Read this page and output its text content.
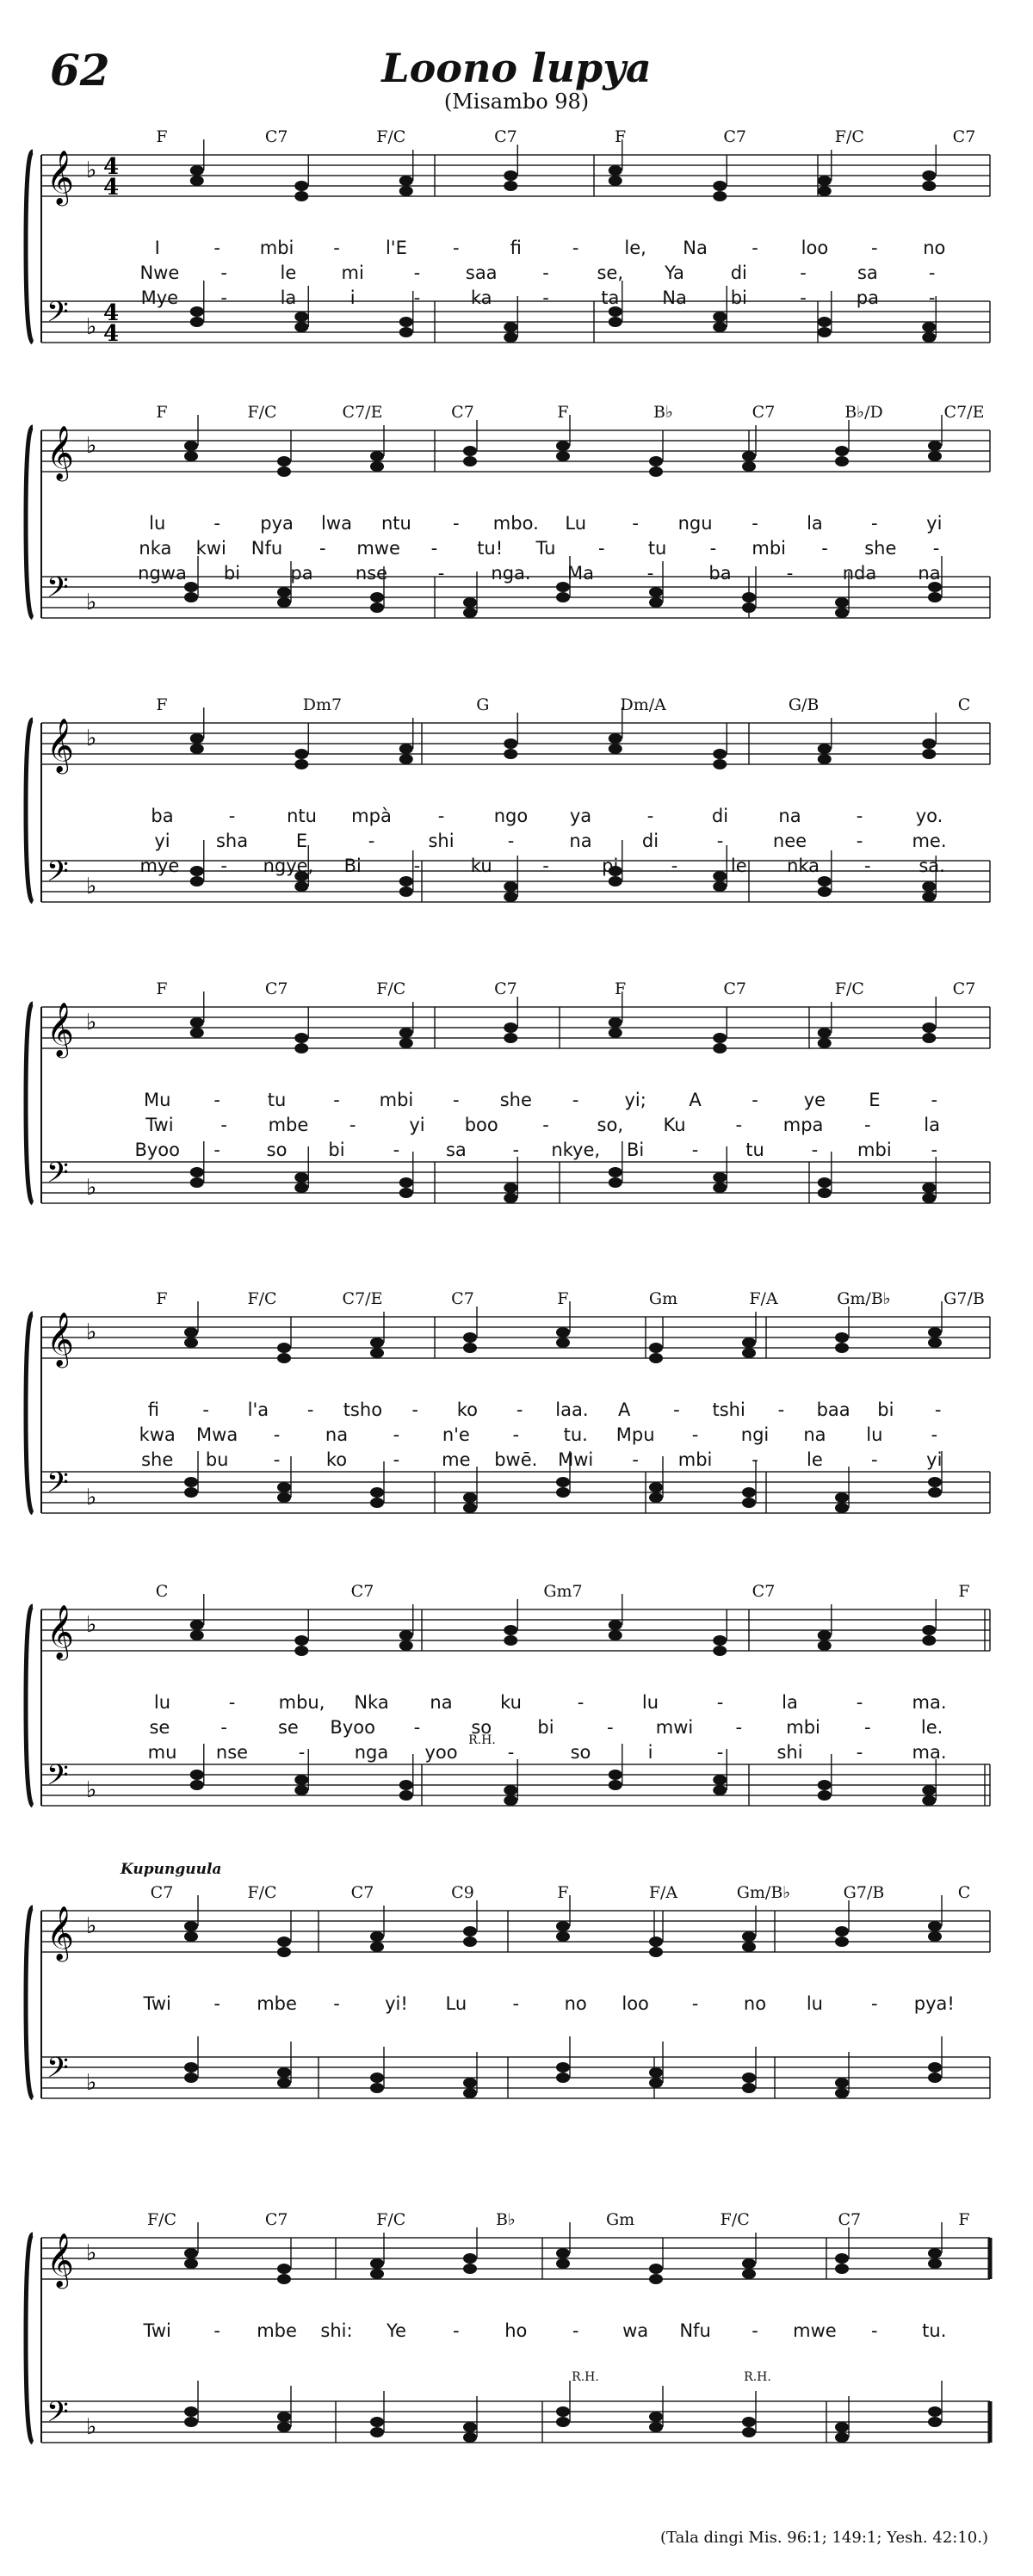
62	Loono lupya
(Misambo 98)
𝄞 ♭ 4
4
𝄢 ♭
4
4
F	C7	F/C	C7	F	C7	F/C	C7
I	- mbi -	l'E	-	fi	-	le, Na - loo -	no
Nwe -	le mi	-	saa	-	se, Ya	di	-	sa	-
Mye -	la	i	-	ka	-	ta Na bi	-	pa	-
𝄞 ♭
𝄢 ♭
F	F/C	C7/E	C7	F	B♭	C7	B♭/D	C7/E
lu	- pya lwa ntu - mbo. Lu	- ngu -	la	-	yi
nka kwi Nfu - mwe - tu! Tu - tu - mbi - she -
ngwa bi	pa nse	-	nga. Ma	-	ba	-	nda na
𝄞 ♭
𝄢 ♭
F	Dm7	G	Dm/A	G/B	C
ba	-	ntu mpà	-	ngo ya	-	di	na	-	yo.
yi	sha	E	-	shi	-	na	di	-	nee	-	me.
mye - ngye, Bi	-	ku	-	pi	-	le nka -	sa.
𝄞 ♭
𝄢 ♭
F	C7	F/C	C7	F	C7	F/C	C7
Mu -	tu	- mbi - she -	yi; A	-	ye E	-
Twi	- mbe -	yi boo -	so, Ku	- mpa -	la
Byoo -	so bi	-	sa	- nkye, Bi	-	tu	- mbi -
𝄞 ♭
𝄢 ♭
F	F/C	C7/E	C7	F	Gm	F/A	Gm/B♭	G7/B
fi - l'a - tsho - ko - laa. A - tshi - baa bi -
kwa Mwa -	na	- n'e - tu. Mpu - ngi na lu	-
she bu -	ko	- me bwē. Mwi - mbi -	le	-	yi
𝄞 ♭
𝄢 ♭
C	C7	Gm7	C7	F
lu	- mbu, Nka na	ku	-	lu	-	la	-	ma.
se	-	se Byoo -	so	bi	- mwi - mbi -	le.
mu nse	-	nga yoo	-	so	i	-	shi	-	ma.
R.H.
𝄞 ♭
𝄢 ♭
C7	F/C	C7	C9	F	F/A	Gm/B♭	G7/B	C
Twi - mbe - yi! Lu	-	no loo -	no lu	- pya!
Kupunguula
𝄞 ♭
𝄢 ♭
F/C	C7	F/C	B♭	Gm	F/C	C7	F
Twi - mbe shi: Ye	-	ho	- wa Nfu - mwe - tu.
R.H.	R.H.
(Tala dingi Mis. 96:1; 149:1; Yesh. 42:10.)
